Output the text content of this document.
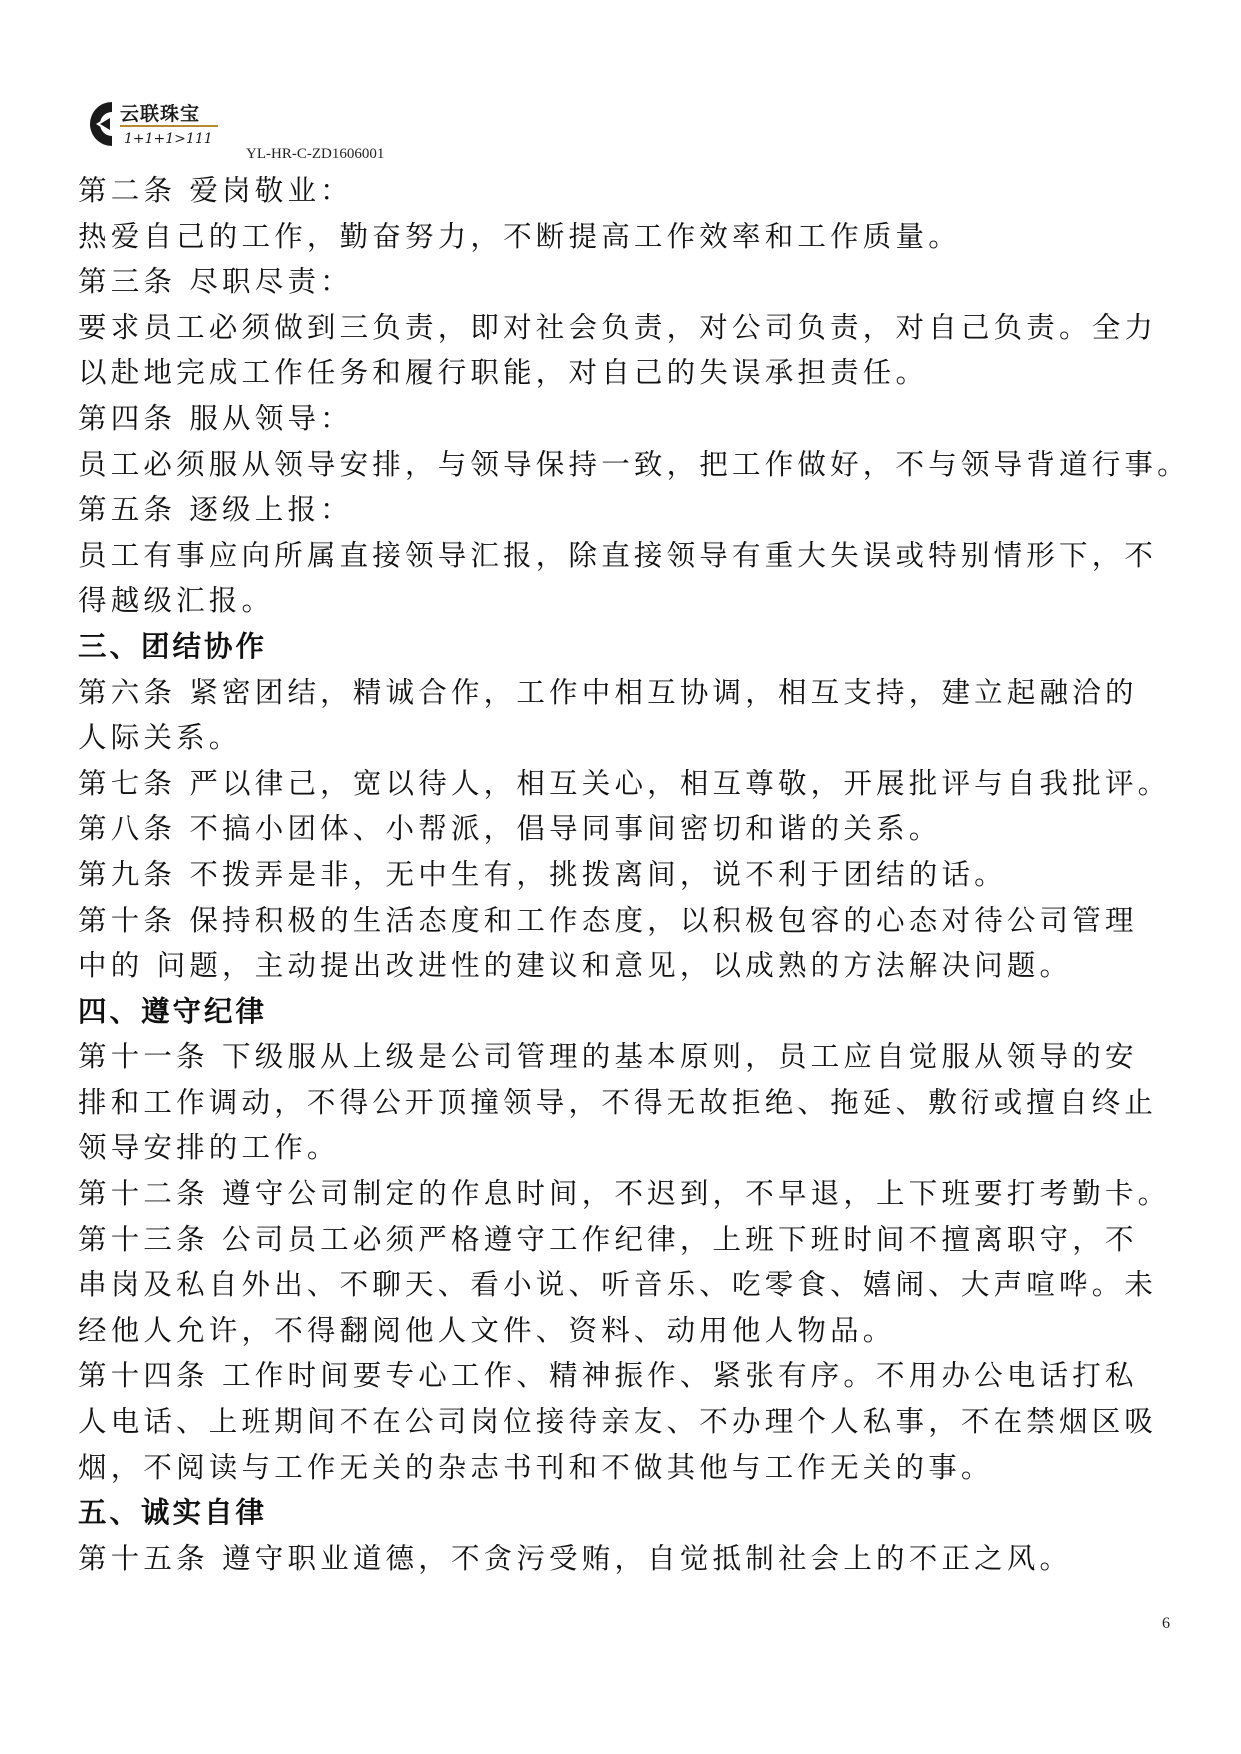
云联珠宝
1+1+1>111
YL-HR-C-ZD1606001
第二条 爱岗敬业：
热爱自己的工作，勤奋努力，不断提高工作效率和工作质量。
第三条 尽职尽责：
要求员工必须做到三负责，即对社会负责，对公司负责，对自己负责。全力
以赴地完成工作任务和履行职能，对自己的失误承担责任。
第四条 服从领导：
员工必须服从领导安排，与领导保持一致，把工作做好，不与领导背道行事。
第五条 逐级上报：
员工有事应向所属直接领导汇报，除直接领导有重大失误或特别情形下，不
得越级汇报。
三、团结协作
第六条 紧密团结，精诚合作，工作中相互协调，相互支持，建立起融洽的
人际关系。
第七条 严以律己，宽以待人，相互关心，相互尊敬，开展批评与自我批评。
第八条 不搞小团体、小帮派，倡导同事间密切和谐的关系。
第九条 不拨弄是非，无中生有，挑拨离间，说不利于团结的话。
第十条 保持积极的生活态度和工作态度，以积极包容的心态对待公司管理
中的 问题，主动提出改进性的建议和意见，以成熟的方法解决问题。
四、遵守纪律
第十一条 下级服从上级是公司管理的基本原则，员工应自觉服从领导的安
排和工作调动，不得公开顶撞领导，不得无故拒绝、拖延、敷衍或擅自终止
领导安排的工作。
第十二条 遵守公司制定的作息时间，不迟到，不早退，上下班要打考勤卡。
第十三条 公司员工必须严格遵守工作纪律，上班下班时间不擅离职守，不
串岗及私自外出、不聊天、看小说、听音乐、吃零食、嬉闹、大声喧哗。未
经他人允许，不得翻阅他人文件、资料、动用他人物品。
第十四条 工作时间要专心工作、精神振作、紧张有序。不用办公电话打私
人电话、上班期间不在公司岗位接待亲友、不办理个人私事，不在禁烟区吸
烟，不阅读与工作无关的杂志书刊和不做其他与工作无关的事。
五、诚实自律
第十五条 遵守职业道德，不贪污受贿，自觉抵制社会上的不正之风。
6
